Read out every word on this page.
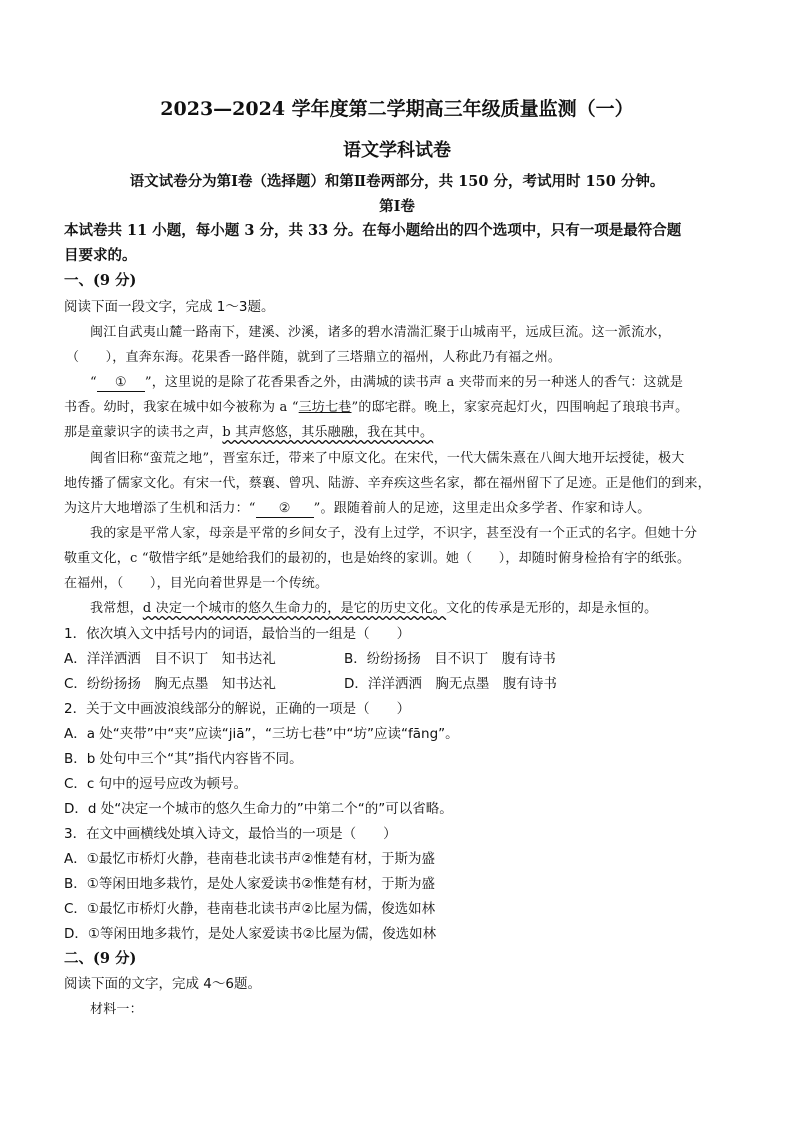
2023—2024 学年度第二学期高三年级质量监测（一）
语文学科试卷
语文试卷分为第Ⅰ卷（选择题）和第Ⅱ卷两部分，共 150 分，考试用时 150 分钟。
第Ⅰ卷
本试卷共 11 小题，每小题 3 分，共 33 分。在每小题给出的四个选项中，只有一项是最符合题
目要求的。
一、(9 分)
阅读下面一段文字，完成 1～3题。
闽江自武夷山麓一路南下，建溪、沙溪，诸多的碧水清湍汇聚于山城南平，远成巨流。这一派流水，
（　　），直奔东海。花果香一路伴随，就到了三塔鼎立的福州，人称此乃有福之州。
“ ① ”，这里说的是除了花香果香之外，由满城的读书声 a 夹带而来的另一种迷人的香气：这就是
书香。幼时，我家在城中如今被称为 a “三坊七巷”的邸宅群。晚上，家家亮起灯火，四围响起了琅琅书声。
那是童蒙识字的读书之声，b 其声悠悠，其乐融融，我在其中。
闽省旧称“蛮荒之地”，晋室东迁，带来了中原文化。在宋代，一代大儒朱熹在八闽大地开坛授徒，极大
地传播了儒家文化。有宋一代，蔡襄、曾巩、陆游、辛弃疾这些名家，都在福州留下了足迹。正是他们的到来，
为这片大地增添了生机和活力：“ ② ”。跟随着前人的足迹，这里走出众多学者、作家和诗人。
我的家是平常人家，母亲是平常的乡间女子，没有上过学，不识字，甚至没有一个正式的名字。但她十分
敬重文化，c “敬惜字纸”是她给我们的最初的，也是始终的家训。她（　　），却随时俯身检拾有字的纸张。
在福州，（　　），目光向着世界是一个传统。
我常想，d 决定一个城市的悠久生命力的，是它的历史文化。文化的传承是无形的，却是永恒的。
1．依次填入文中括号内的词语，最恰当的一组是（　　）
A．洋洋洒洒　目不识丁　知书达礼	B．纷纷扬扬　目不识丁　腹有诗书
C．纷纷扬扬　胸无点墨　知书达礼	D．洋洋洒洒　胸无点墨　腹有诗书
2．关于文中画波浪线部分的解说，正确的一项是（　　）
A．a 处“夹带”中“夹”应读“jiā”，“三坊七巷”中“坊”应读“fāng”。
B．b 处句中三个“其”指代内容皆不同。
C．c 句中的逗号应改为顿号。
D．d 处“决定一个城市的悠久生命力的”中第二个“的”可以省略。
3．在文中画横线处填入诗文，最恰当的一项是（　　）
A．①最忆市桥灯火静，巷南巷北读书声②惟楚有材，于斯为盛
B．①等闲田地多栽竹，是处人家爱读书②惟楚有材，于斯为盛
C．①最忆市桥灯火静，巷南巷北读书声②比屋为儒，俊选如林
D．①等闲田地多栽竹，是处人家爱读书②比屋为儒，俊选如林
二、(9 分)
阅读下面的文字，完成 4～6题。
材料一：
